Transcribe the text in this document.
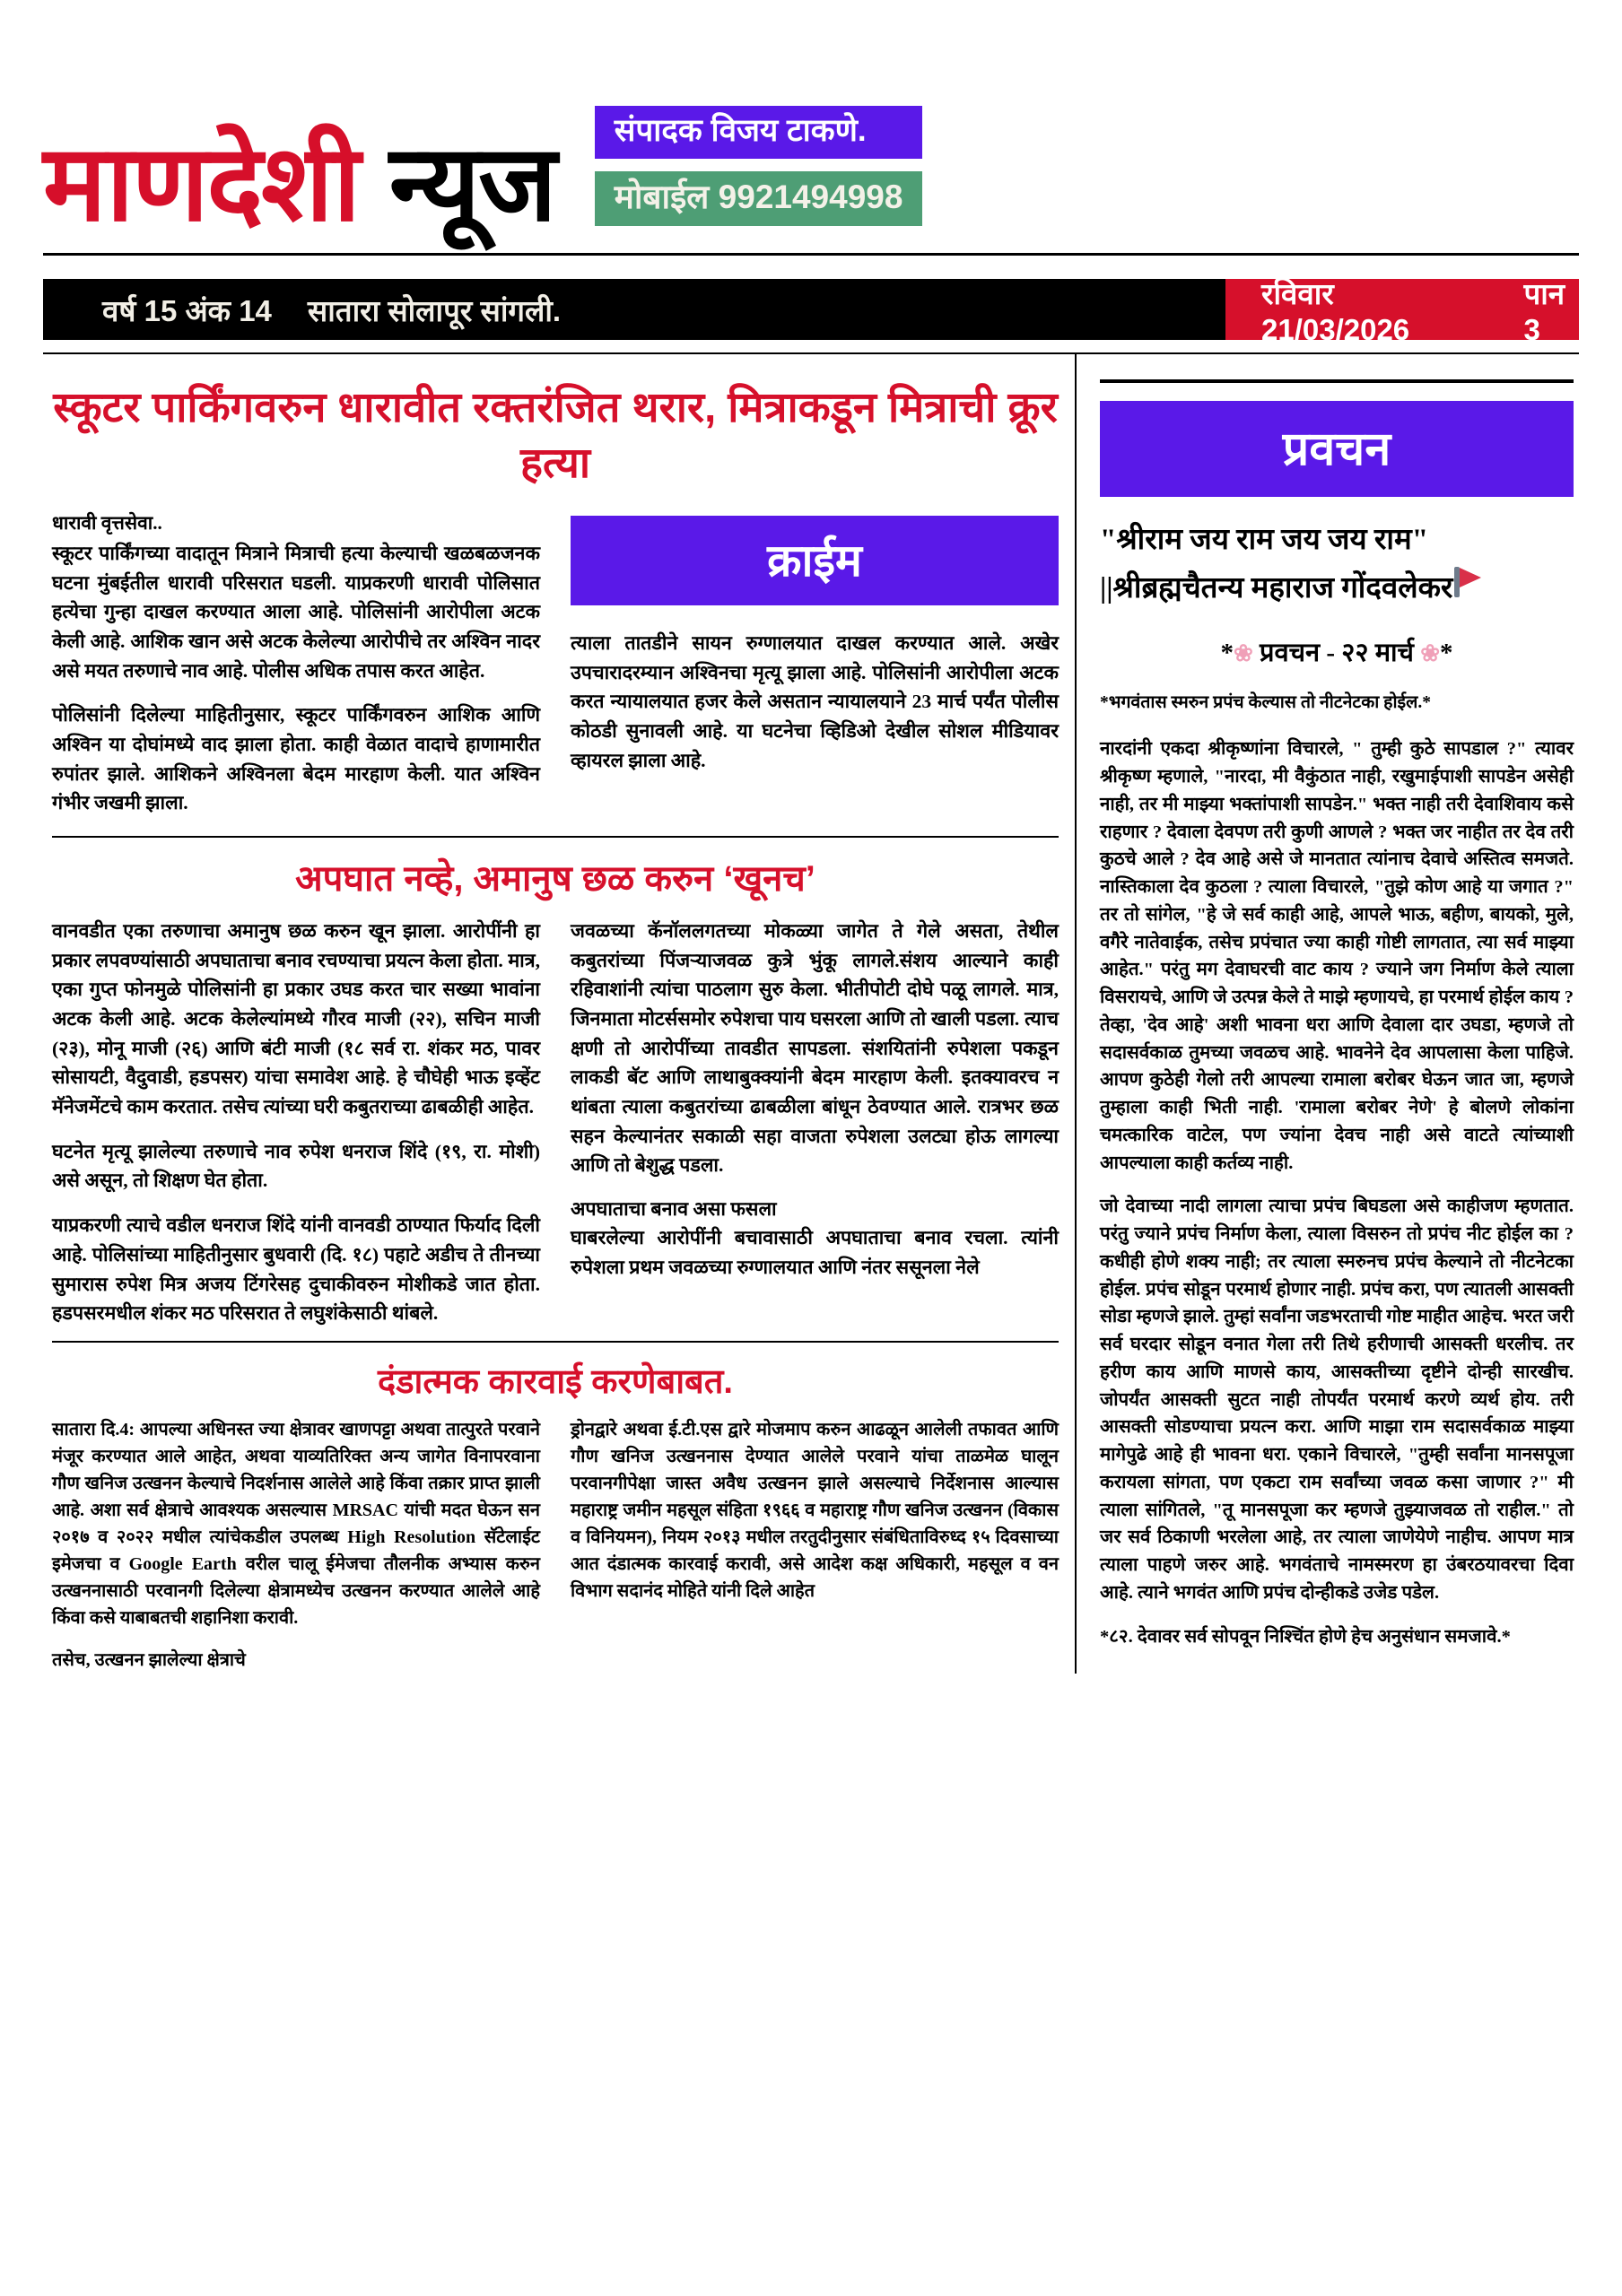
माणदेशी न्यूज	संपादक विजय टाकणे.
मोबाईल 9921494998
वर्ष 15 अंक 14 सातारा सोलापूर सांगली.
रविवार 21/03/2026
पान 3
स्कूटर पार्किंगवरुन धारावीत रक्तरंजित थरार, मित्राकडून मित्राची क्रूर हत्या
धारावी वृत्तसेवा..

स्कूटर पार्किंगच्या वादातून मित्राने मित्राची हत्या केल्याची खळबळजनक घटना मुंबईतील धारावी परिसरात घडली. याप्रकरणी धारावी पोलिसात हत्येचा गुन्हा दाखल करण्यात आला आहे. पोलिसांनी आरोपीला अटक केली आहे. आशिक खान असे अटक केलेल्या आरोपीचे तर अश्विन नादर असे मयत तरुणाचे नाव आहे. पोलीस अधिक तपास करत आहेत.

पोलिसांनी दिलेल्या माहितीनुसार, स्कूटर पार्किंगवरुन आशिक आणि अश्विन या दोघांमध्ये वाद झाला होता. काही वेळात वादाचे हाणामारीत रुपांतर झाले. आशिकने अश्विनला बेदम मारहाण केली. यात अश्विन गंभीर जखमी झाला.

क्राईम

त्याला तातडीने सायन रुग्णालयात दाखल करण्यात आले. अखेर उपचारादरम्यान अश्विनचा मृत्यू झाला आहे. पोलिसांनी आरोपीला अटक करत न्यायालयात हजर केले असतान न्यायालयाने 23 मार्च पर्यंत पोलीस कोठडी सुनावली आहे. या घटनेचा व्हिडिओ देखील सोशल मीडियावर व्हायरल झाला आहे.

अपघात नव्हे, अमानुष छळ करुन ‘खूनच’

वानवडीत एका तरुणाचा अमानुष छळ करुन खून झाला. आरोपींनी हा प्रकार लपवण्यांसाठी अपघाताचा बनाव रचण्याचा प्रयत्न केला होता. मात्र, एका गुप्त फोनमुळे पोलिसांनी हा प्रकार उघड करत चार सख्या भावांना अटक केली आहे. अटक केलेल्यांमध्ये गौरव माजी (२२), सचिन माजी (२३), मोनू माजी (२६) आणि बंटी माजी (१८ सर्व रा. शंकर मठ, पावर सोसायटी, वैदुवाडी, हडपसर) यांचा समावेश आहे. हे चौघेही भाऊ इव्हेंट मॅनेजमेंटचे काम करतात. तसेच त्यांच्या घरी कबुतराच्या ढाबळीही आहेत.

घटनेत मृत्यू झालेल्या तरुणाचे नाव रुपेश धनराज शिंदे (१९, रा. मोशी) असे असून, तो शिक्षण घेत होता.

याप्रकरणी त्याचे वडील धनराज शिंदे यांनी वानवडी ठाण्यात फिर्याद दिली आहे. पोलिसांच्या माहितीनुसार बुधवारी (दि. १८) पहाटे अडीच ते तीनच्या सुमारास रुपेश मित्र अजय टिंगरेसह दुचाकीवरुन मोशीकडे जात होता. हडपसरमधील शंकर मठ परिसरात ते लघुशंकेसाठी थांबले.

जवळच्या कॅनॉललगतच्या मोकळ्या जागेत ते गेले असता, तेथील कबुतरांच्या पिंजऱ्याजवळ कुत्रे भुंकू लागले.संशय आल्याने काही रहिवाशांनी त्यांचा पाठलाग सुरु केला. भीतीपोटी दोघे पळू लागले. मात्र, जिनमाता मोटर्ससमोर रुपेशचा पाय घसरला आणि तो खाली पडला. त्याच क्षणी तो आरोपींच्या तावडीत सापडला. संशयितांनी रुपेशला पकडून लाकडी बॅट आणि लाथाबुक्क्यांनी बेदम मारहाण केली. इतक्यावरच न थांबता त्याला कबुतरांच्या ढाबळीला बांधून ठेवण्यात आले. रात्रभर छळ सहन केल्यानंतर सकाळी सहा वाजता रुपेशला उलट्या होऊ लागल्या आणि तो बेशुद्ध पडला.

अपघाताचा बनाव असा फसला

घाबरलेल्या आरोपींनी बचावासाठी अपघाताचा बनाव रचला. त्यांनी रुपेशला प्रथम जवळच्या रुग्णालयात आणि नंतर ससूनला नेले

दंडात्मक कारवाई करणेबाबत.

सातारा दि.4: आपल्या अधिनस्त ज्या क्षेत्रावर खाणपट्टा अथवा तात्पुरते परवाने मंजूर करण्यात आले आहेत, अथवा याव्यतिरिक्त अन्य जागेत विनापरवाना गौण खनिज उत्खनन केल्याचे निदर्शनास आलेले आहे किंवा तक्रार प्राप्त झाली आहे. अशा सर्व क्षेत्राचे आवश्यक असल्यास MRSAC यांची मदत घेऊन सन २०१७ व २०२२ मधील त्यांचेकडील उपलब्ध High Resolution सॅटेलाईट इमेजचा व Google Earth वरील चालू ईमेजचा तौलनीक अभ्यास करुन उत्खननासाठी परवानगी दिलेल्या क्षेत्रामध्येच उत्खनन करण्यात आलेले आहे किंवा कसे याबाबतची शहानिशा करावी.

तसेच, उत्खनन झालेल्या क्षेत्राचे

ड्रोनद्वारे अथवा ई.टी.एस द्वारे मोजमाप करुन आढळून आलेली तफावत आणि गौण खनिज उत्खननास देण्यात आलेले परवाने यांचा ताळमेळ घालून परवानगीपेक्षा जास्त अवैध उत्खनन झाले असल्याचे निर्देशनास आल्यास महाराष्ट्र जमीन महसूल संहिता १९६६ व महाराष्ट्र गौण खनिज उत्खनन (विकास व विनियमन), नियम २०१३ मधील तरतुदीनुसार संबंधिताविरुध्द १५ दिवसाच्या आत दंडात्मक कारवाई करावी, असे आदेश कक्ष अधिकारी, महसूल व वन विभाग सदानंद मोहिते यांनी दिले आहेत

प्रवचन
"श्रीराम जय राम जय जय राम"
||श्रीब्रह्मचैतन्य महाराज गोंदवलेकर
*❀ प्रवचन - २२ मार्च ❀*
*भगवंतास स्मरुन प्रपंच केल्यास तो नीटनेटका होईल.*

नारदांनी एकदा श्रीकृष्णांना विचारले, " तुम्ही कुठे सापडाल ?" त्यावर श्रीकृष्ण म्हणाले, "नारदा, मी वैकुंठात नाही, रखुमाईपाशी सापडेन असेही नाही, तर मी माझ्या भक्तांपाशी सापडेन." भक्त नाही तरी देवाशिवाय कसे राहणार ? देवाला देवपण तरी कुणी आणले ? भक्त जर नाहीत तर देव तरी कुठचे आले ? देव आहे असे जे मानतात त्यांनाच देवाचे अस्तित्व समजते. नास्तिकाला देव कुठला ? त्याला विचारले, "तुझे कोण आहे या जगात ?" तर तो सांगेल, "हे जे सर्व काही आहे, आपले भाऊ, बहीण, बायको, मुले, वगैरे नातेवाईक, तसेच प्रपंचात ज्या काही गोष्टी लागतात, त्या सर्व माझ्या आहेत." परंतु मग देवाघरची वाट काय ? ज्याने जग निर्माण केले त्याला विसरायचे, आणि जे उत्पन्न केले ते माझे म्हणायचे, हा परमार्थ होईल काय ? तेव्हा, 'देव आहे' अशी भावना धरा आणि देवाला दार उघडा, म्हणजे तो सदासर्वकाळ तुमच्या जवळच आहे. भावनेने देव आपलासा केला पाहिजे. आपण कुठेही गेलो तरी आपल्या रामाला बरोबर घेऊन जात जा, म्हणजे तुम्हाला काही भिती नाही. 'रामाला बरोबर नेणे' हे बोलणे लोकांना चमत्कारिक वाटेल, पण ज्यांना देवच नाही असे वाटते त्यांच्याशी आपल्याला काही कर्तव्य नाही.

जो देवाच्या नादी लागला त्याचा प्रपंच बिघडला असे काहीजण म्हणतात. परंतु ज्याने प्रपंच निर्माण केला, त्याला विसरुन तो प्रपंच नीट होईल का ? कधीही होणे शक्य नाही; तर त्याला स्मरुनच प्रपंच केल्याने तो नीटनेटका होईल. प्रपंच सोडून परमार्थ होणार नाही. प्रपंच करा, पण त्यातली आसक्ती सोडा म्हणजे झाले. तुम्हां सर्वांना जडभरताची गोष्ट माहीत आहेच. भरत जरी सर्व घरदार सोडून वनात गेला तरी तिथे हरीणाची आसक्ती धरलीच. तर हरीण काय आणि माणसे काय, आसक्तीच्या दृष्टीने दोन्ही सारखीच. जोपर्यंत आसक्ती सुटत नाही तोपर्यंत परमार्थ करणे व्यर्थ होय. तरी आसक्ती सोडण्याचा प्रयत्न करा. आणि माझा राम सदासर्वकाळ माझ्या मागेपुढे आहे ही भावना धरा. एकाने विचारले, "तुम्ही सर्वांना मानसपूजा करायला सांगता, पण एकटा राम सर्वांच्या जवळ कसा जाणार ?" मी त्याला सांगितले, "तू मानसपूजा कर म्हणजे तुझ्याजवळ तो राहील." तो जर सर्व ठिकाणी भरलेला आहे, तर त्याला जाणेयेणे नाहीच. आपण मात्र त्याला पाहणे जरुर आहे. भगवंताचे नामस्मरण हा उंबरठयावरचा दिवा आहे. त्याने भगवंत आणि प्रपंच दोन्हीकडे उजेड पडेल.

*८२. देवावर सर्व सोपवून निश्चिंत होणे हेच अनुसंधान समजावे.*
